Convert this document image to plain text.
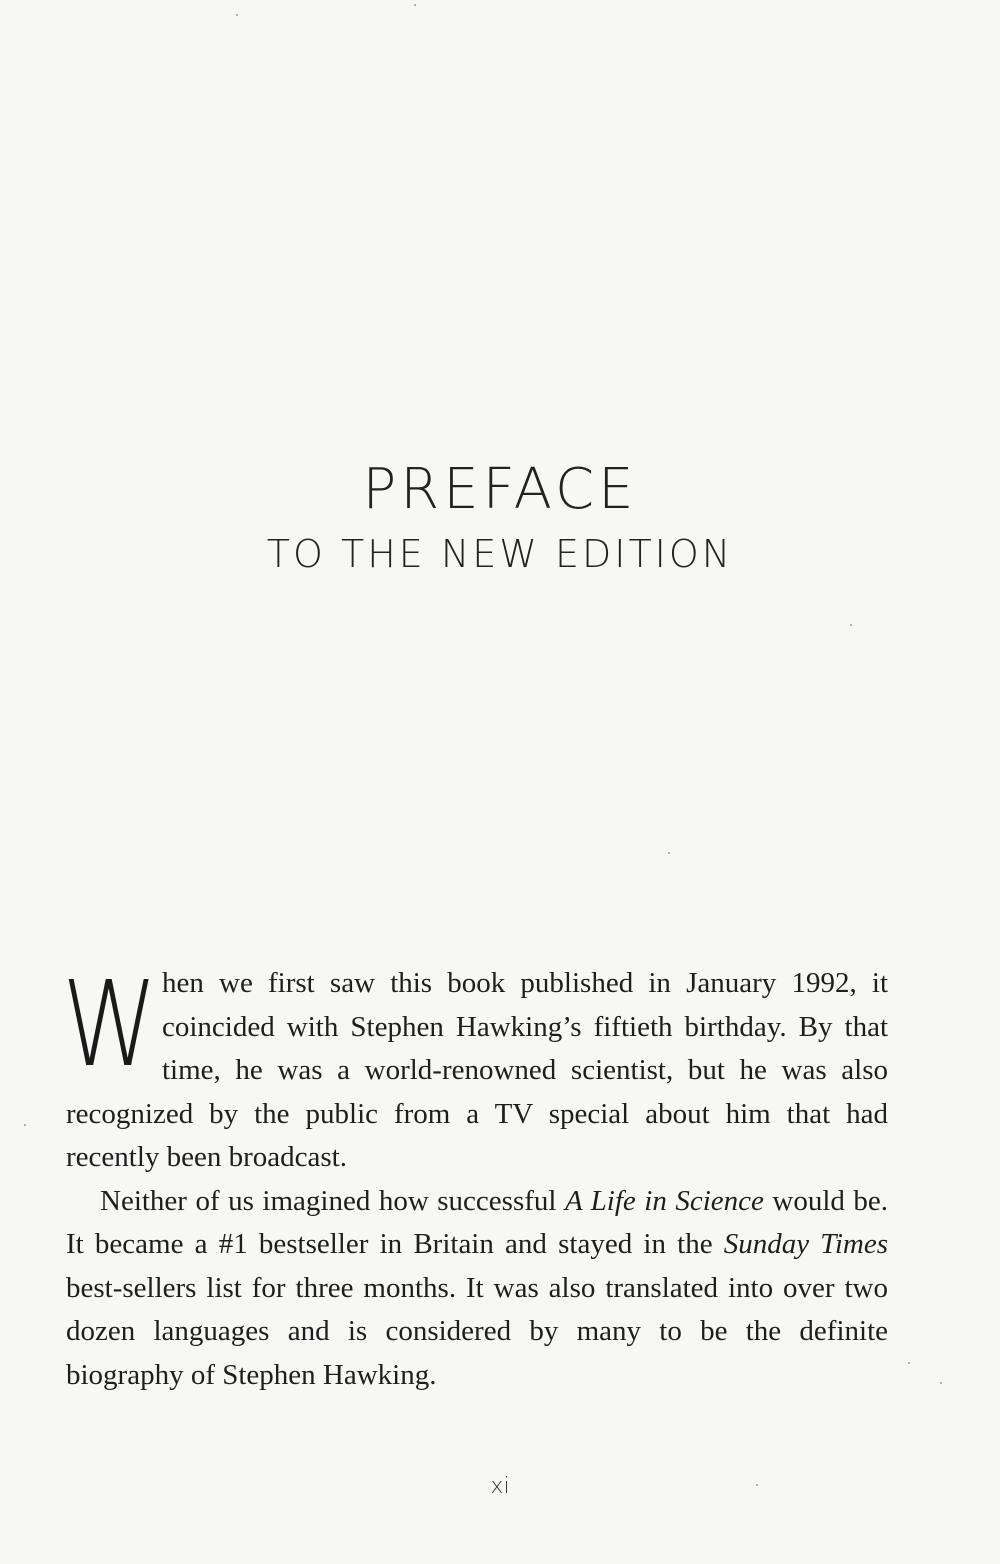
PREFACE
TO THE NEW EDITION

When we first saw this book published in January 1992, it coincided with Stephen Hawking’s fiftieth birthday. By that time, he was a world-renowned scientist, but he was also recognized by the public from a TV special about him that had recently been broadcast.

Neither of us imagined how successful A Life in Science would be. It became a #1 bestseller in Britain and stayed in the Sunday Times best-sellers list for three months. It was also translated into over two dozen languages and is considered by many to be the definite biography of Stephen Hawking.

xi
